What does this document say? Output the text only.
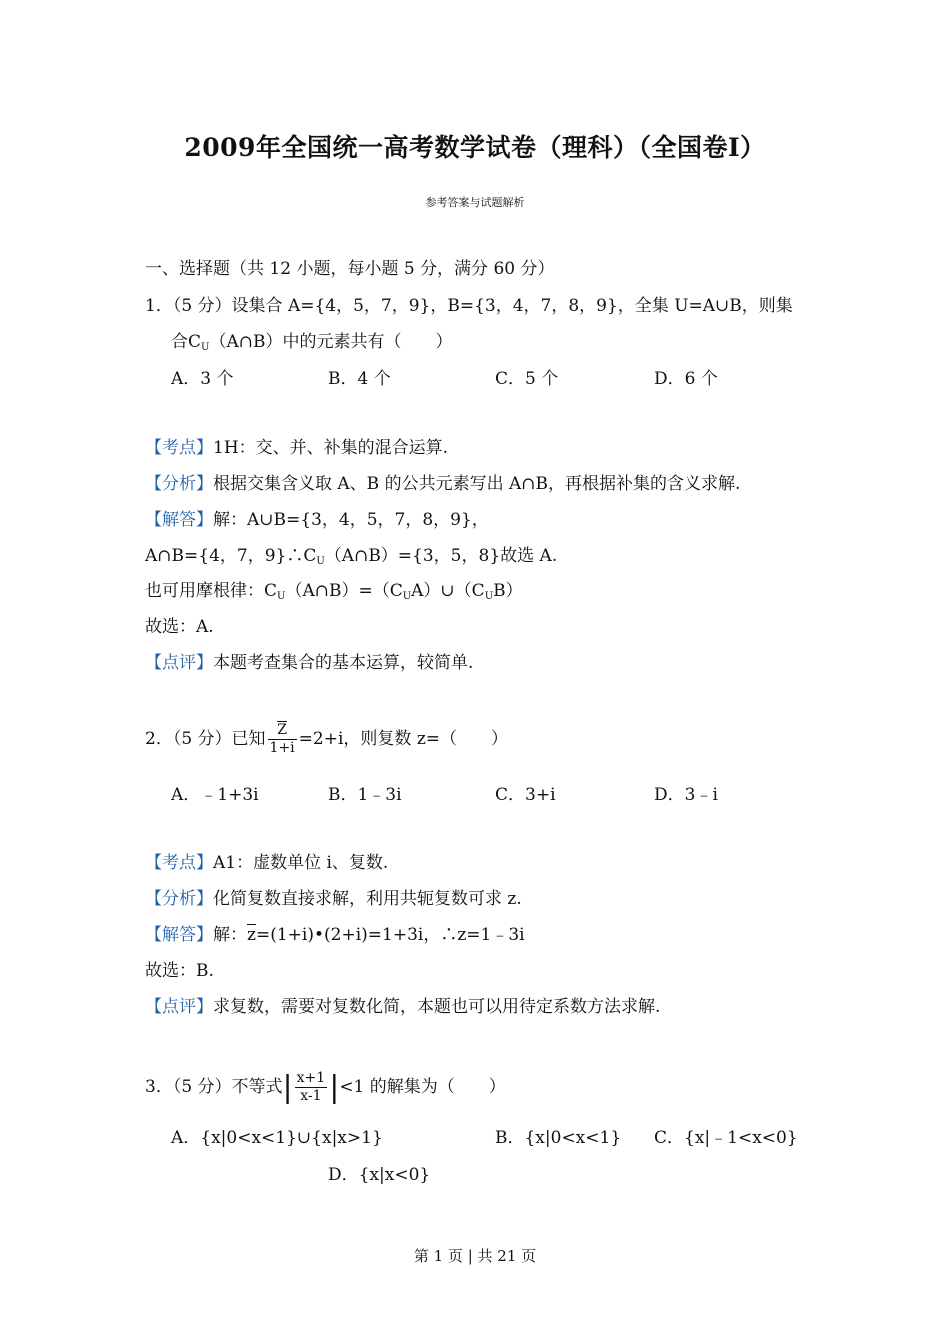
2009年全国统一高考数学试卷（理科）（全国卷Ⅰ）
参考答案与试题解析
一、选择题（共 12 小题，每小题 5 分，满分 60 分）
1．（5 分）设集合 A={4，5，7，9}，B={3，4，7，8，9}，全集 U=A∪B，则集
合$C_U(A\cap B)$中的元素共有（　　）
A．3 个	B．4 个	C．5 个	D．6 个
【考点】1H：交、并、补集的混合运算.
【分析】根据交集含义取 A、B 的公共元素写出 A∩B，再根据补集的含义求解.
【解答】解：A∪B={3，4，5，7，8，9}，
A∩B={4，7，$9\}\therefore C_U(A\cap B)=\{3$，5，8}故选 A.
也可用摩根律：$C_U(A\cap B)=(C_UA)\cup(C_UB)$
故选：A.
【点评】本题考查集合的基本运算，较简单.
2．（5 分）已知 $\frac{\overline{Z}}{1+i} =2+i$，则复数 z=（　　）
A．﹣1+3i	B．1﹣3i	C．3+i	D．3﹣i
【考点】A1：虚数单位 i、复数.
【分析】化简复数直接求解，利用共轭复数可求 z.
【解答】解：$\overline{z}=(1+i)•(2+i)=1+3i$，∴z=1﹣3i
故选：B.
【点评】求复数，需要对复数化简，本题也可以用待定系数方法求解.
3．（5 分）不等式| $\frac{x+1}{x-1} |<1$ 的解集为（　　）
A．{x|0<x<1}∪{x|x>1}	B．{x|0<x<1} C．{x|﹣1<x<0}
D．{x|x<0}
第 1 页 | 共 21 页
